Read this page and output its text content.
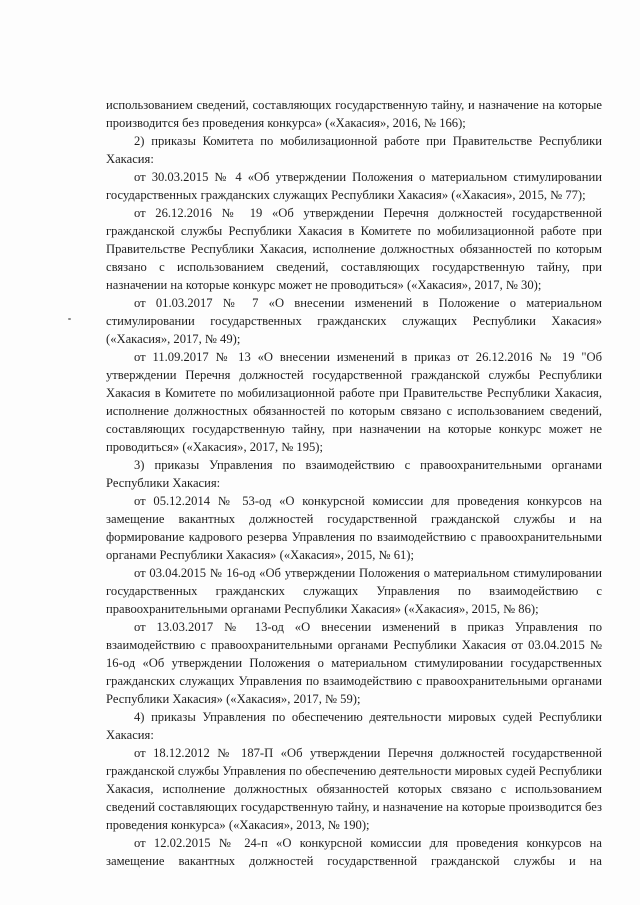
использованием сведений, составляющих государственную тайну, и назначение на которые производится без проведения конкурса» («Хакасия», 2016, № 166);

2) приказы Комитета по мобилизационной работе при Правительстве Республики Хакасия:

от 30.03.2015 № 4 «Об утверждении Положения о материальном стимулировании государственных гражданских служащих Республики Хакасия» («Хакасия», 2015, № 77);

от 26.12.2016 № 19 «Об утверждении Перечня должностей государственной гражданской службы Республики Хакасия в Комитете по мобилизационной работе при Правительстве Республики Хакасия, исполнение должностных обязанностей по которым связано с использованием сведений, составляющих государственную тайну, при назначении на которые конкурс может не проводиться» («Хакасия», 2017, № 30);

от 01.03.2017 № 7 «О внесении изменений в Положение о материальном стимулировании государственных гражданских служащих Республики Хакасия» («Хакасия», 2017, № 49);

от 11.09.2017 № 13 «О внесении изменений в приказ от 26.12.2016 № 19 "Об утверждении Перечня должностей государственной гражданской службы Республики Хакасия в Комитете по мобилизационной работе при Правительстве Республики Хакасия, исполнение должностных обязанностей по которым связано с использованием сведений, составляющих государственную тайну, при назначении на которые конкурс может не проводиться» («Хакасия», 2017, № 195);

3) приказы Управления по взаимодействию с правоохранительными органами Республики Хакасия:

от 05.12.2014 № 53-од «О конкурсной комиссии для проведения конкурсов на замещение вакантных должностей государственной гражданской службы и на формирование кадрового резерва Управления по взаимодействию с правоохранительными органами Республики Хакасия» («Хакасия», 2015, № 61);

от 03.04.2015 № 16-од «Об утверждении Положения о материальном стимулировании государственных гражданских служащих Управления по взаимодействию с правоохранительными органами Республики Хакасия» («Хакасия», 2015, № 86);

от 13.03.2017 № 13-од «О внесении изменений в приказ Управления по взаимодействию с правоохранительными органами Республики Хакасия от 03.04.2015 № 16-од «Об утверждении Положения о материальном стимулировании государственных гражданских служащих Управления по взаимодействию с правоохранительными органами Республики Хакасия» («Хакасия», 2017, № 59);

4) приказы Управления по обеспечению деятельности мировых судей Республики Хакасия:

от 18.12.2012 № 187-П «Об утверждении Перечня должностей государственной гражданской службы Управления по обеспечению деятельности мировых судей Республики Хакасия, исполнение должностных обязанностей которых связано с использованием сведений составляющих государственную тайну, и назначение на которые производится без проведения конкурса» («Хакасия», 2013, № 190);

от 12.02.2015 № 24-п «О конкурсной комиссии для проведения конкурсов на замещение вакантных должностей государственной гражданской службы и на
